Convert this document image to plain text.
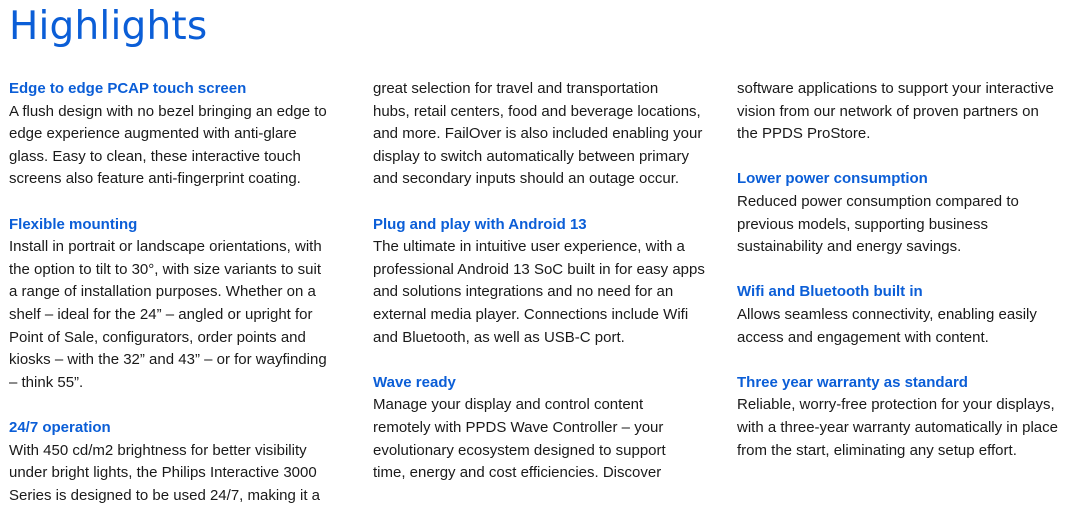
Highlights
Edge to edge PCAP touch screen
A flush design with no bezel bringing an edge to
edge experience augmented with anti-glare
glass. Easy to clean, these interactive touch
screens also feature anti-fingerprint coating.
Flexible mounting
Install in portrait or landscape orientations, with
the option to tilt to 30°, with size variants to suit
a range of installation purposes. Whether on a
shelf – ideal for the 24” – angled or upright for
Point of Sale, configurators, order points and
kiosks – with the 32” and 43” – or for wayfinding
– think 55”.
24/7 operation
With 450 cd/m2 brightness for better visibility
under bright lights, the Philips Interactive 3000
Series is designed to be used 24/7, making it a
great selection for travel and transportation
hubs, retail centers, food and beverage locations,
and more. FailOver is also included enabling your
display to switch automatically between primary
and secondary inputs should an outage occur.
Plug and play with Android 13
The ultimate in intuitive user experience, with a
professional Android 13 SoC built in for easy apps
and solutions integrations and no need for an
external media player. Connections include Wifi
and Bluetooth, as well as USB-C port.
Wave ready
Manage your display and control content
remotely with PPDS Wave Controller – your
evolutionary ecosystem designed to support
time, energy and cost efficiencies. Discover
software applications to support your interactive
vision from our network of proven partners on
the PPDS ProStore.
Lower power consumption
Reduced power consumption compared to
previous models, supporting business
sustainability and energy savings.
Wifi and Bluetooth built in
Allows seamless connectivity, enabling easily
access and engagement with content.
Three year warranty as standard
Reliable, worry-free protection for your displays,
with a three-year warranty automatically in place
from the start, eliminating any setup effort.
